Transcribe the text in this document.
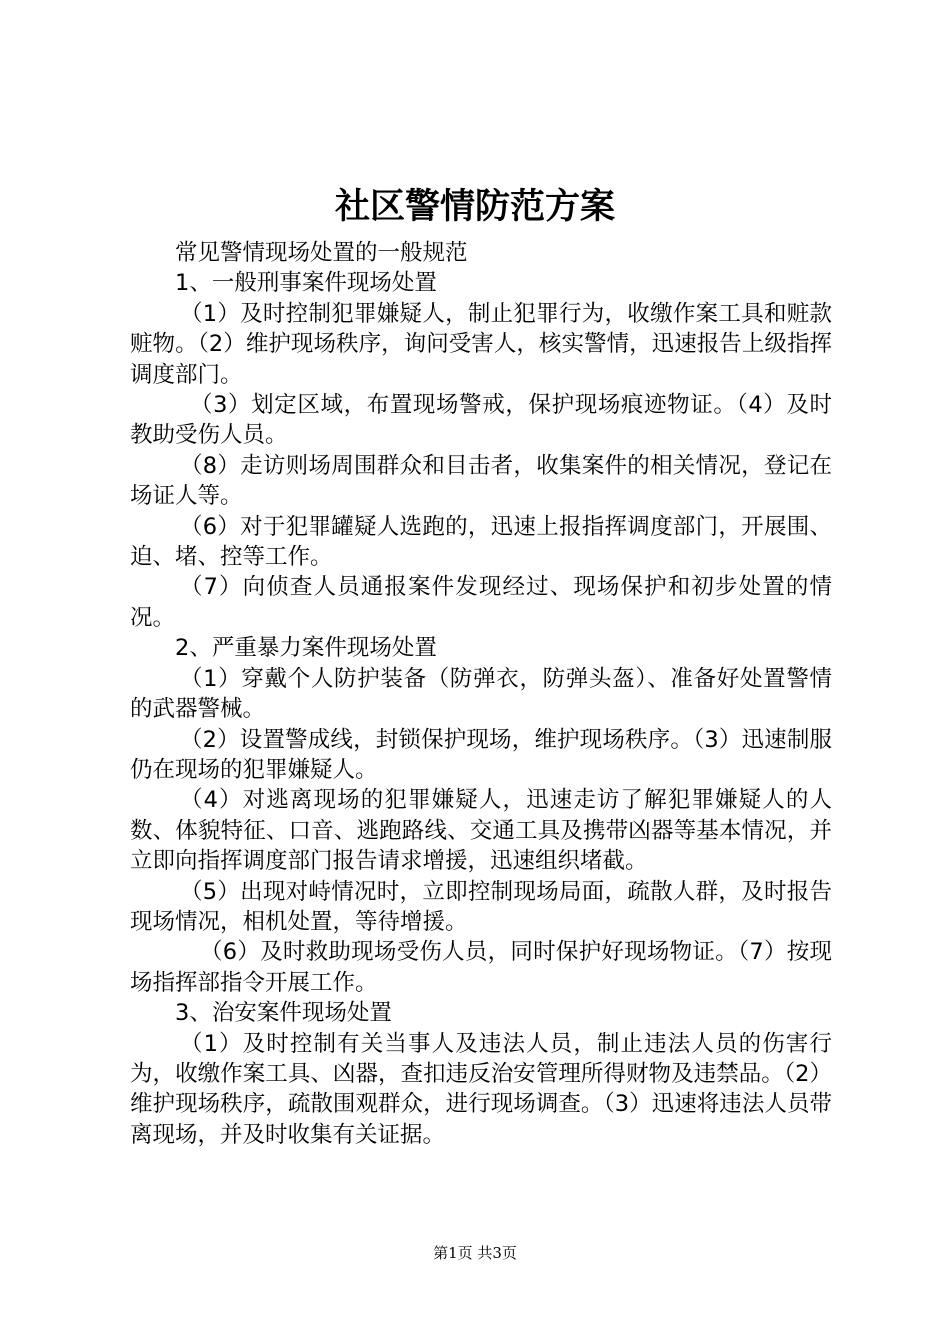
社区警情防范方案

常见警情现场处置的一般规范

1、一般刑事案件现场处置

（1）及时控制犯罪嫌疑人，制止犯罪行为，收缴作案工具和赃款赃物。（2）维护现场秩序，询问受害人，核实警情，迅速报告上级指挥调度部门。

（3）划定区域，布置现场警戒，保护现场痕迹物证。（4）及时教助受伤人员。

（8）走访则场周围群众和目击者，收集案件的相关情况，登记在场证人等。

（6）对于犯罪罐疑人选跑的，迅速上报指挥调度部门，开展围、迫、堵、控等工作。

（7）向侦查人员通报案件发现经过、现场保护和初步处置的情况。

2、严重暴力案件现场处置

（1）穿戴个人防护装备（防弹衣，防弹头盔）、准备好处置警情的武器警械。

（2）设置警成线，封锁保护现场，维护现场秩序。（3）迅速制服仍在现场的犯罪嫌疑人。

（4）对逃离现场的犯罪嫌疑人，迅速走访了解犯罪嫌疑人的人数、体貌特征、口音、逃跑路线、交通工具及携带凶器等基本情况，并立即向指挥调度部门报告请求增援，迅速组织堵截。

（5）出现对峙情况时，立即控制现场局面，疏散人群，及时报告现场情况，相机处置，等待增援。

（6）及时救助现场受伤人员，同时保护好现场物证。（7）按现场指挥部指令开展工作。

3、治安案件现场处置

（1）及时控制有关当事人及违法人员，制止违法人员的伤害行为，收缴作案工具、凶器，查扣违反治安管理所得财物及违禁品。（2）维护现场秩序，疏散围观群众，进行现场调查。（3）迅速将违法人员带离现场，并及时收集有关证据。

第1页 共3页
